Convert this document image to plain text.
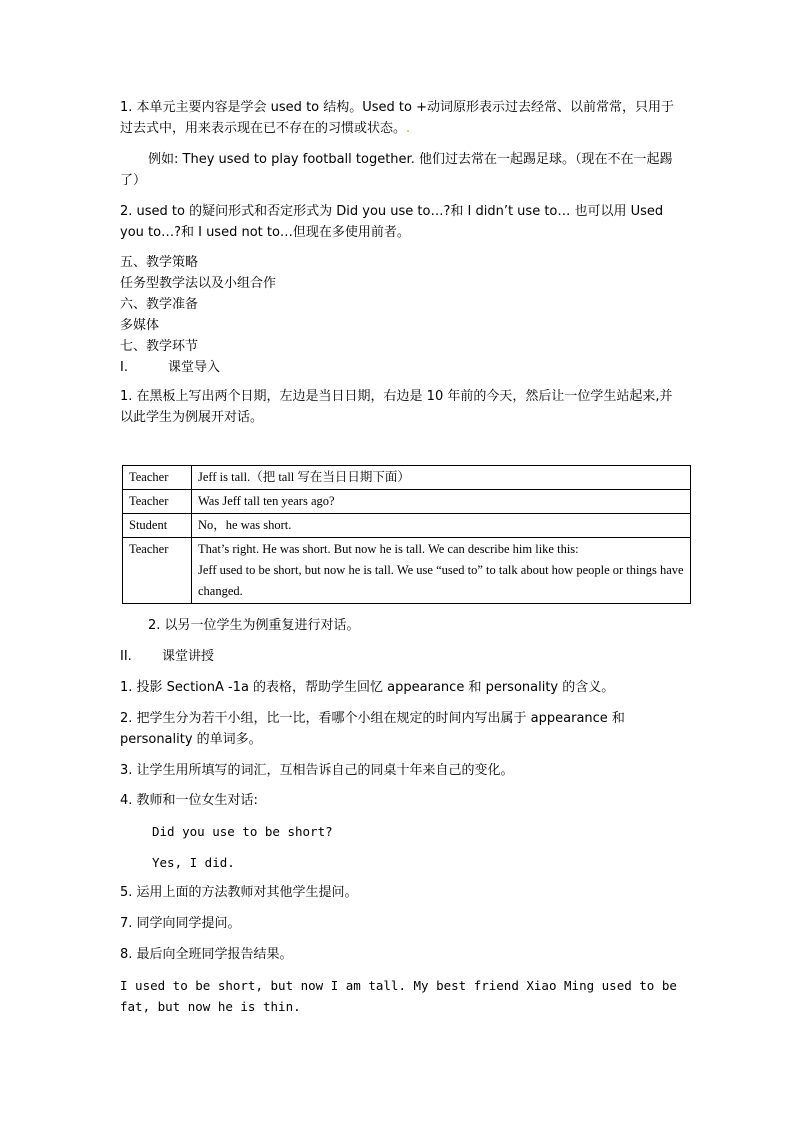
1. 本单元主要内容是学会 used to 结构。Used to +动词原形表示过去经常、以前常常，只用于过去式中，用来表示现在已不存在的习惯或状态。.

例如: They used to play football together. 他们过去常在一起踢足球。（现在不在一起踢了）

2. used to 的疑问形式和否定形式为 Did you use to…?和 I didn’t use to… 也可以用 Used you to…?和 I used not to…但现在多使用前者。

五、教学策略

任务型教学法以及小组合作

六、教学准备

多媒体

七、教学环节

I.	课堂导入

1. 在黑板上写出两个日期，左边是当日日期，右边是 10 年前的今天，然后让一位学生站起来,并以此学生为例展开对话。

Teacher	Jeff is tall.（把 tall 写在当日日期下面）
Teacher	Was Jeff tall ten years ago?
Student	No，he was short.
Teacher	That’s right. He was short. But now he is tall. We can describe him like this:
Jeff used to be short, but now he is tall. We use “used to” to talk about how people or things have changed.

2. 以另一位学生为例重复进行对话。

II. 课堂讲授

1. 投影 SectionA -1a 的表格，帮助学生回忆 appearance 和 personality 的含义。

2. 把学生分为若干小组，比一比，看哪个小组在规定的时间内写出属于 appearance 和 personality 的单词多。

3. 让学生用所填写的词汇，互相告诉自己的同桌十年来自己的变化。

4. 教师和一位女生对话:

Did you use to be short?

Yes, I did.

5. 运用上面的方法教师对其他学生提问。

7. 同学向同学提问。

8. 最后向全班同学报告结果。

I used to be short, but now I am tall. My best friend Xiao Ming used to be fat, but now he is thin.
